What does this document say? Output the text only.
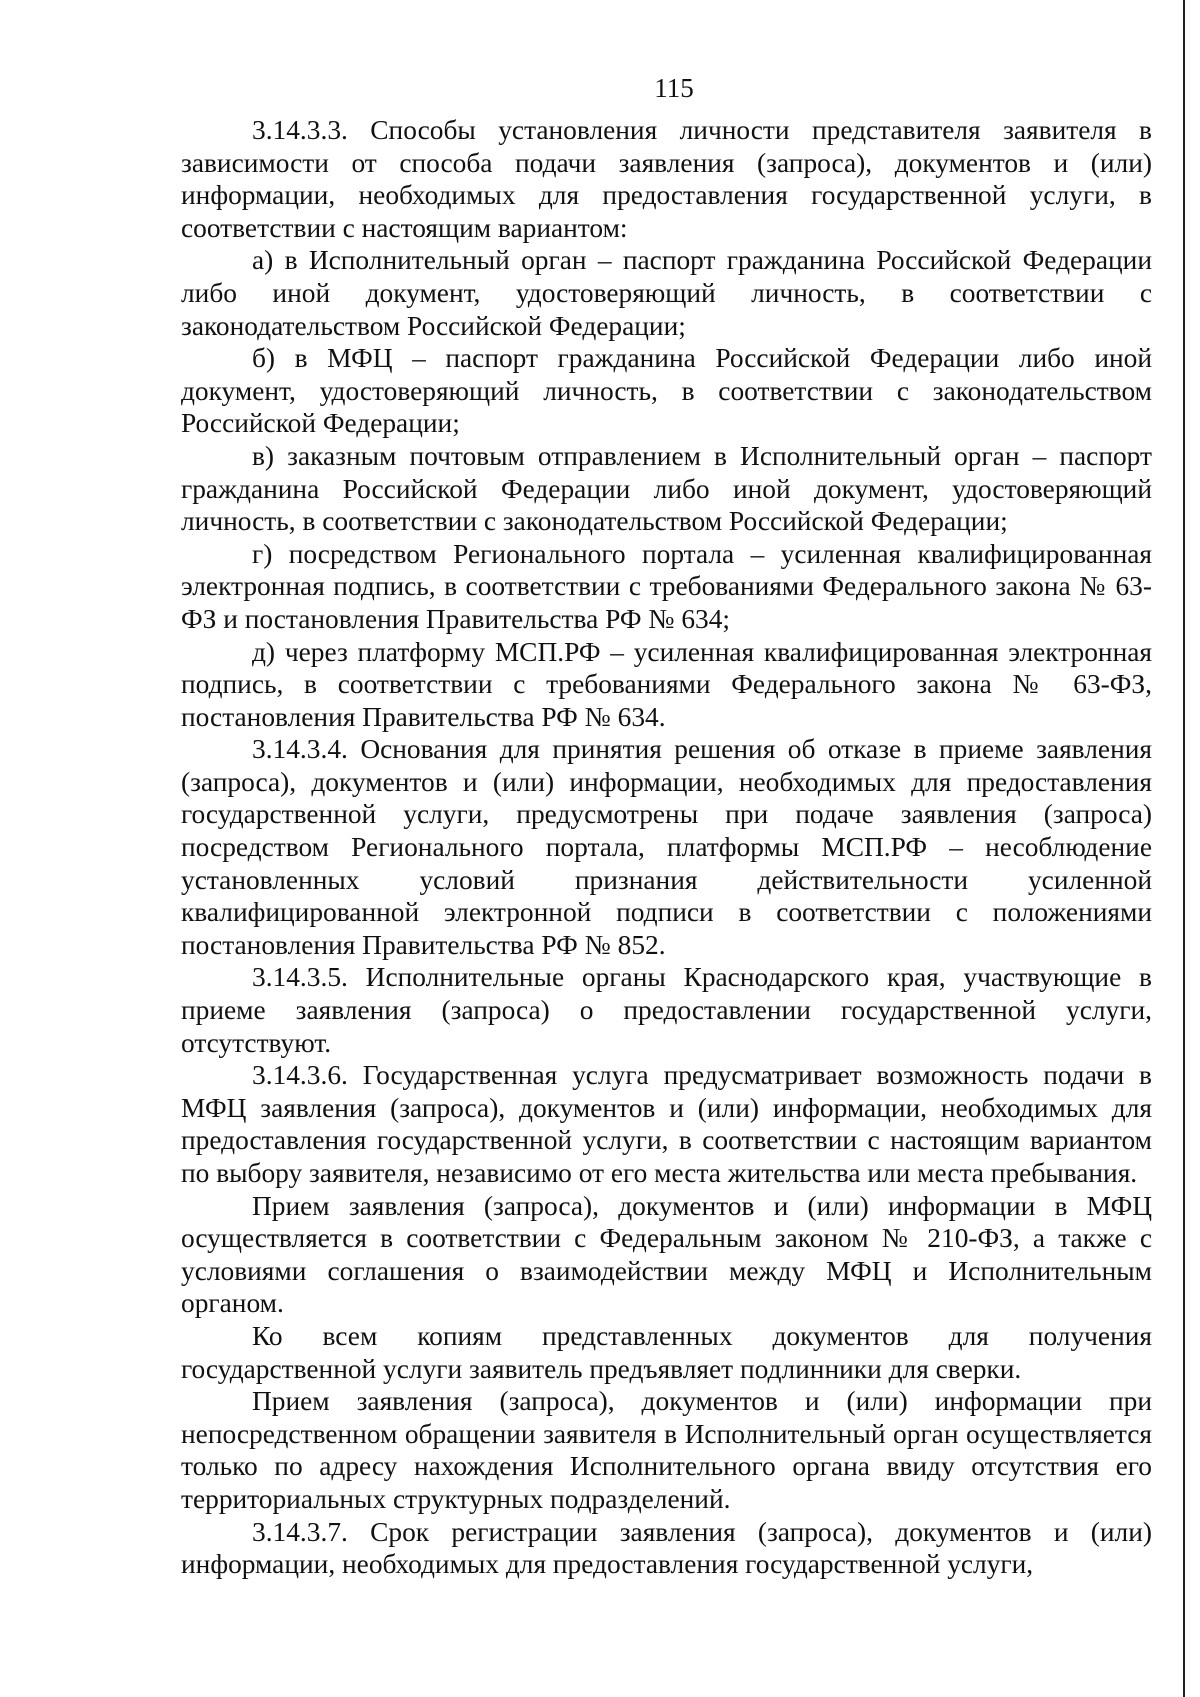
115

3.14.3.3. Способы установления личности представителя заявителя в зависимости от способа подачи заявления (запроса), документов и (или) информации, необходимых для предоставления государственной услуги, в соответствии с настоящим вариантом:

а) в Исполнительный орган – паспорт гражданина Российской Федерации либо иной документ, удостоверяющий личность, в соответствии с законодательством Российской Федерации;

б) в МФЦ – паспорт гражданина Российской Федерации либо иной документ, удостоверяющий личность, в соответствии с законодательством Российской Федерации;

в) заказным почтовым отправлением в Исполнительный орган – паспорт гражданина Российской Федерации либо иной документ, удостоверяющий личность, в соответствии с законодательством Российской Федерации;

г) посредством Регионального портала – усиленная квалифицированная электронная подпись, в соответствии с требованиями Федерального закона № 63-ФЗ и постановления Правительства РФ № 634;

д) через платформу МСП.РФ – усиленная квалифицированная электронная подпись, в соответствии с требованиями Федерального закона № 63-ФЗ, постановления Правительства РФ № 634.

3.14.3.4. Основания для принятия решения об отказе в приеме заявления (запроса), документов и (или) информации, необходимых для предоставления государственной услуги, предусмотрены при подаче заявления (запроса) посредством Регионального портала, платформы МСП.РФ – несоблюдение установленных условий признания действительности усиленной квалифицированной электронной подписи в соответствии с положениями постановления Правительства РФ № 852.

3.14.3.5. Исполнительные органы Краснодарского края, участвующие в приеме заявления (запроса) о предоставлении государственной услуги, отсутствуют.

3.14.3.6. Государственная услуга предусматривает возможность подачи в МФЦ заявления (запроса), документов и (или) информации, необходимых для предоставления государственной услуги, в соответствии с настоящим вариантом по выбору заявителя, независимо от его места жительства или места пребывания.

Прием заявления (запроса), документов и (или) информации в МФЦ осуществляется в соответствии с Федеральным законом № 210-ФЗ, а также с условиями соглашения о взаимодействии между МФЦ и Исполнительным органом.

Ко всем копиям представленных документов для получения государственной услуги заявитель предъявляет подлинники для сверки.

Прием заявления (запроса), документов и (или) информации при непосредственном обращении заявителя в Исполнительный орган осуществляется только по адресу нахождения Исполнительного органа ввиду отсутствия его территориальных структурных подразделений.

3.14.3.7. Срок регистрации заявления (запроса), документов и (или) информации, необходимых для предоставления государственной услуги,
